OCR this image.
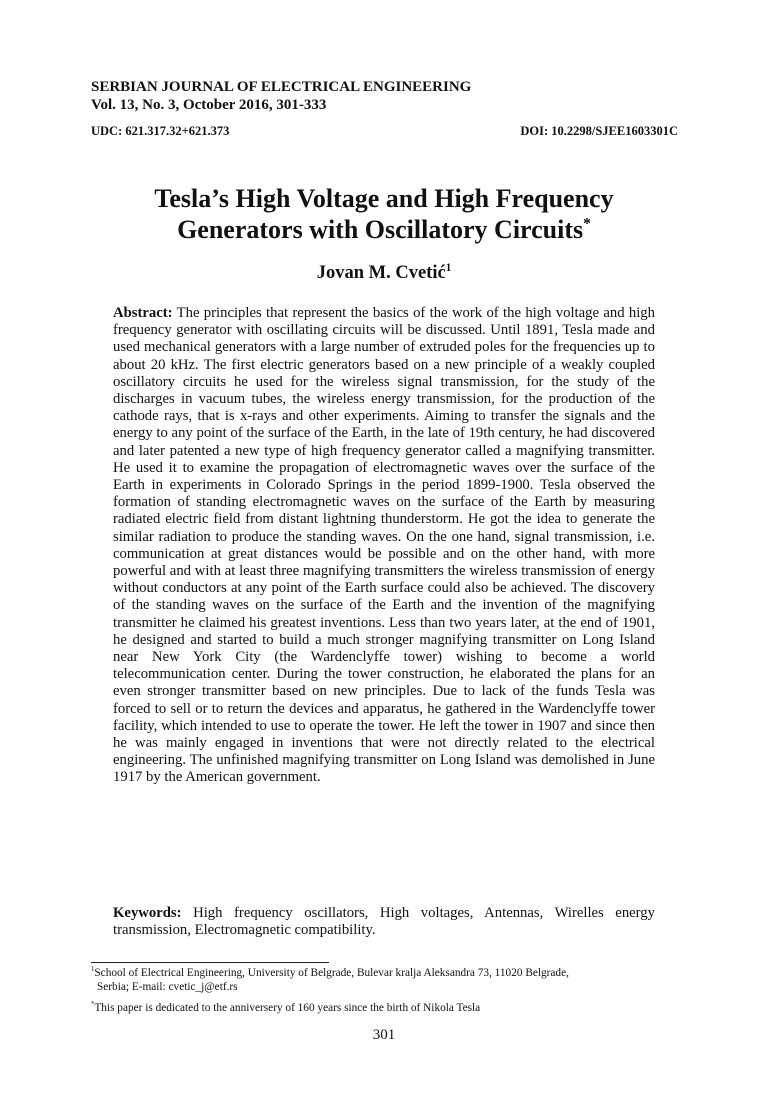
SERBIAN JOURNAL OF ELECTRICAL ENGINEERING
Vol. 13, No. 3, October 2016, 301-333
UDC: 621.317.32+621.373	DOI: 10.2298/SJEE1603301C
Tesla’s High Voltage and High Frequency
Generators with Oscillatory Circuits*
Jovan M. Cvetić$^1$

Abstract: The principles that represent the basics of the work of the high voltage and high frequency generator with oscillating circuits will be discussed. Until 1891, Tesla made and used mechanical generators with a large number of extruded poles for the frequencies up to about 20 kHz. The first electric generators based on a new principle of a weakly coupled oscillatory circuits he used for the wireless signal transmission, for the study of the discharges in vacuum tubes, the wireless energy transmission, for the production of the cathode rays, that is x-rays and other experiments. Aiming to transfer the signals and the energy to any point of the surface of the Earth, in the late of 19th century, he had discovered and later patented a new type of high frequency generator called a magnifying transmitter. He used it to examine the propagation of electromagnetic waves over the surface of the Earth in experiments in Colorado Springs in the period 1899-1900. Tesla observed the formation of standing electromagnetic waves on the surface of the Earth by measuring radiated electric field from distant lightning thunderstorm. He got the idea to generate the similar radiation to produce the standing waves. On the one hand, signal transmission, i.e. communication at great distances would be possible and on the other hand, with more powerful and with at least three magnifying transmitters the wireless transmission of energy without conductors at any point of the Earth surface could also be achieved. The discovery of the standing waves on the surface of the Earth and the invention of the magnifying transmitter he claimed his greatest inventions. Less than two years later, at the end of 1901, he designed and started to build a much stronger magnifying transmitter on Long Island near New York City (the Wardenclyffe tower) wishing to become a world telecommunication center. During the tower construction, he elaborated the plans for an even stronger transmitter based on new principles. Due to lack of the funds Tesla was forced to sell or to return the devices and apparatus, he gathered in the Wardenclyffe tower facility, which intended to use to operate the tower. He left the tower in 1907 and since then he was mainly engaged in inventions that were not directly related to the electrical engineering. The unfinished magnifying transmitter on Long Island was demolished in June 1917 by the American government.

Keywords: High frequency oscillators, High voltages, Antennas, Wirelles energy transmission, Electromagnetic compatibility.

$^1$School of Electrical Engineering, University of Belgrade, Bulevar kralja Aleksandra 73, 11020 Belgrade,
Serbia; E-mail: cvetic_j@etf.rs
*This paper is dedicated to the anniversery of 160 years since the birth of Nikola Tesla
301
